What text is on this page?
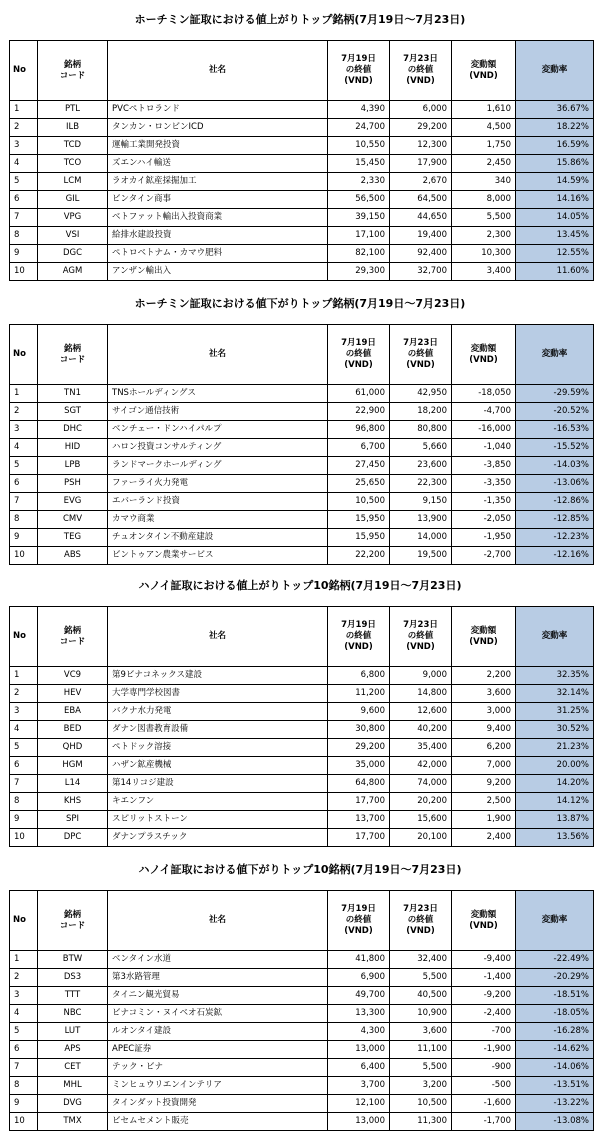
ホーチミン証取における値上がりトップ銘柄(7月19日～7月23日)
No	銘柄
コード	社名	7月19日
の終値
(VND)	7月23日
の終値
(VND)	変動額
(VND)	変動率
1	PTL	PVCペトロランド	4,390	6,000	1,610	36.67%
2	ILB	タンカン・ロンビンICD	24,700	29,200	4,500	18.22%
3	TCD	運輸工業開発投資	10,550	12,300	1,750	16.59%
4	TCO	ズエンハイ輸送	15,450	17,900	2,450	15.86%
5	LCM	ラオカイ鉱産採掘加工	2,330	2,670	340	14.59%
6	GIL	ビンタイン商事	56,500	64,500	8,000	14.16%
7	VPG	ベトファット輸出入投資商業	39,150	44,650	5,500	14.05%
8	VSI	給排水建設投資	17,100	19,400	2,300	13.45%
9	DGC	ペトロベトナム・カマウ肥料	82,100	92,400	10,300	12.55%
10	AGM	アンザン輸出入	29,300	32,700	3,400	11.60%
ホーチミン証取における値下がりトップ銘柄(7月19日～7月23日)
No	銘柄
コード	社名	7月19日
の終値
(VND)	7月23日
の終値
(VND)	変動額
(VND)	変動率
1	TN1	TNSホールディングス	61,000	42,950	-18,050	-29.59%
2	SGT	サイゴン通信技術	22,900	18,200	-4,700	-20.52%
3	DHC	ベンチェー・ドンハイパルプ	96,800	80,800	-16,000	-16.53%
4	HID	ハロン投資コンサルティング	6,700	5,660	-1,040	-15.52%
5	LPB	ランドマークホールディング	27,450	23,600	-3,850	-14.03%
6	PSH	ファーライ火力発電	25,650	22,300	-3,350	-13.06%
7	EVG	エバーランド投資	10,500	9,150	-1,350	-12.86%
8	CMV	カマウ商業	15,950	13,900	-2,050	-12.85%
9	TEG	チュオンタイン不動産建設	15,950	14,000	-1,950	-12.23%
10	ABS	ビントゥアン農業サービス	22,200	19,500	-2,700	-12.16%
ハノイ証取における値上がりトップ10銘柄(7月19日～7月23日)
No	銘柄
コード	社名	7月19日
の終値
(VND)	7月23日
の終値
(VND)	変動額
(VND)	変動率
1	VC9	第9ビナコネックス建設	6,800	9,000	2,200	32.35%
2	HEV	大学専門学校図書	11,200	14,800	3,600	32.14%
3	EBA	バクナ水力発電	9,600	12,600	3,000	31.25%
4	BED	ダナン図書教育設備	30,800	40,200	9,400	30.52%
5	QHD	ペトドック溶接	29,200	35,400	6,200	21.23%
6	HGM	ハザン鉱産機械	35,000	42,000	7,000	20.00%
7	L14	第14リコジ建設	64,800	74,000	9,200	14.20%
8	KHS	キエンフン	17,700	20,200	2,500	14.12%
9	SPI	スピリットストーン	13,700	15,600	1,900	13.87%
10	DPC	ダナンプラスチック	17,700	20,100	2,400	13.56%
ハノイ証取における値下がりトップ10銘柄(7月19日～7月23日)
No	銘柄
コード	社名	7月19日
の終値
(VND)	7月23日
の終値
(VND)	変動額
(VND)	変動率
1	BTW	ベンタイン水道	41,800	32,400	-9,400	-22.49%
2	DS3	第3水路管理	6,900	5,500	-1,400	-20.29%
3	TTT	タイニン観光貿易	49,700	40,500	-9,200	-18.51%
4	NBC	ビナコミン・ヌイベオ石炭鉱	13,300	10,900	-2,400	-18.05%
5	LUT	ルオンタイ建設	4,300	3,600	-700	-16.28%
6	APS	APEC証券	13,000	11,100	-1,900	-14.62%
7	CET	テック・ビナ	6,400	5,500	-900	-14.06%
8	MHL	ミンヒュウリエンインテリア	3,700	3,200	-500	-13.51%
9	DVG	タインダット投資開発	12,100	10,500	-1,600	-13.22%
10	TMX	ビセムセメント販売	13,000	11,300	-1,700	-13.08%
